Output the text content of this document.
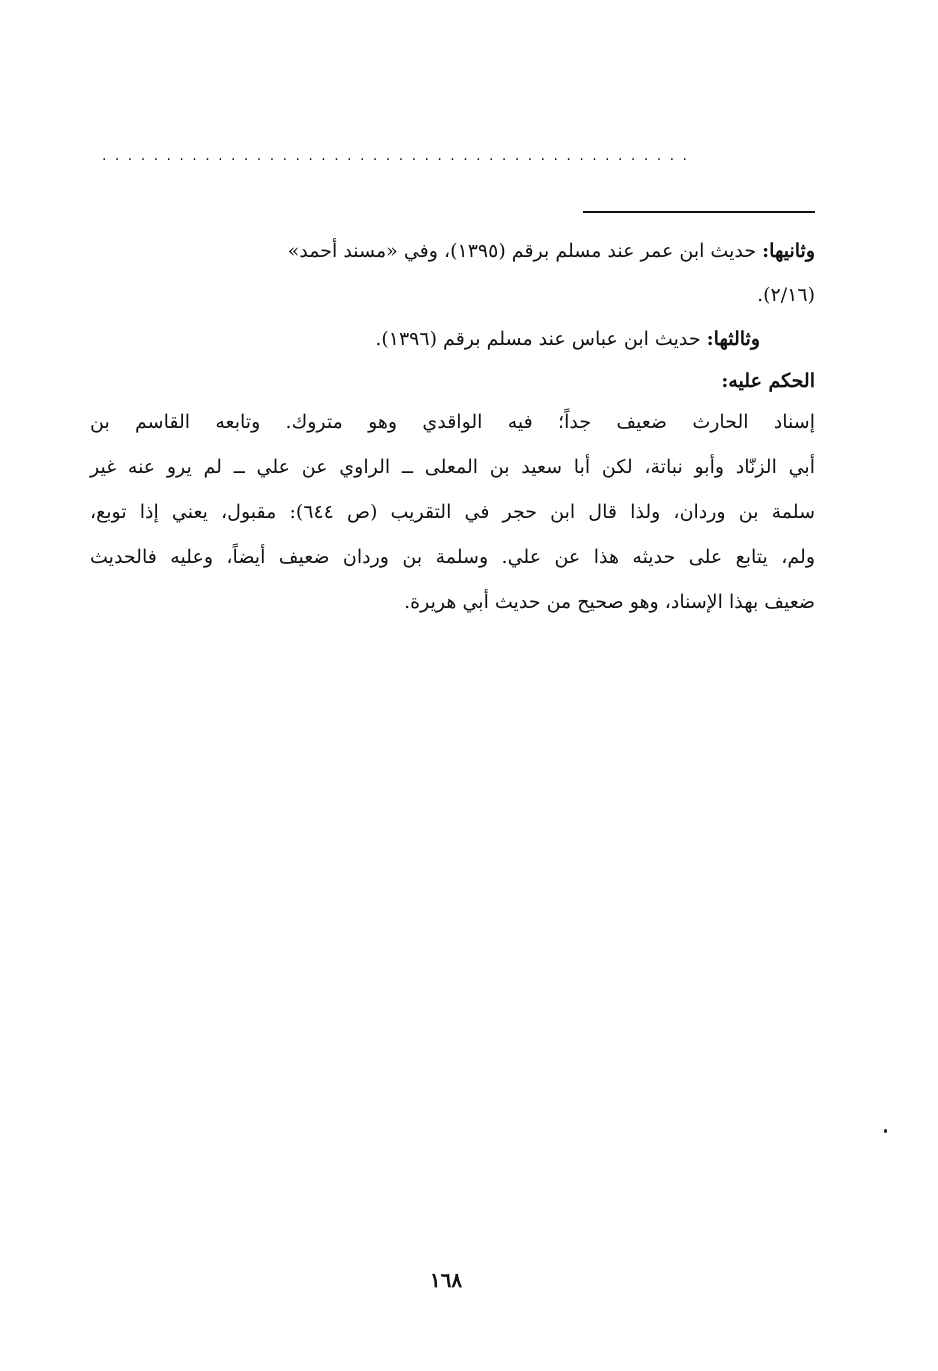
. . . . . . . . . . . . . . . . . . . . . . . . . . . . . . . . . . . . . . . . . . . . . .
وثانيها: حديث ابن عمر عند مسلم برقم (١٣٩٥)، وفي «مسند أحمد»
(٢/١٦).
وثالثها: حديث ابن عباس عند مسلم برقم (١٣٩٦).
الحكم عليه:
إسناد الحارث ضعيف جداً؛ فيه الواقدي وهو متروك. وتابعه القاسم بن
أبي الزنّاد وأبو نباتة، لكن أبا سعيد بن المعلى ــ الراوي عن علي ــ لم يرو عنه غير
سلمة بن وردان، ولذا قال ابن حجر في التقريب (ص ٦٤٤): مقبول، يعني إذا توبع،
ولم، يتابع على حديثه هذا عن علي. وسلمة بن وردان ضعيف أيضاً، وعليه فالحديث
ضعيف بهذا الإسناد، وهو صحيح من حديث أبي هريرة.
١٦٨
